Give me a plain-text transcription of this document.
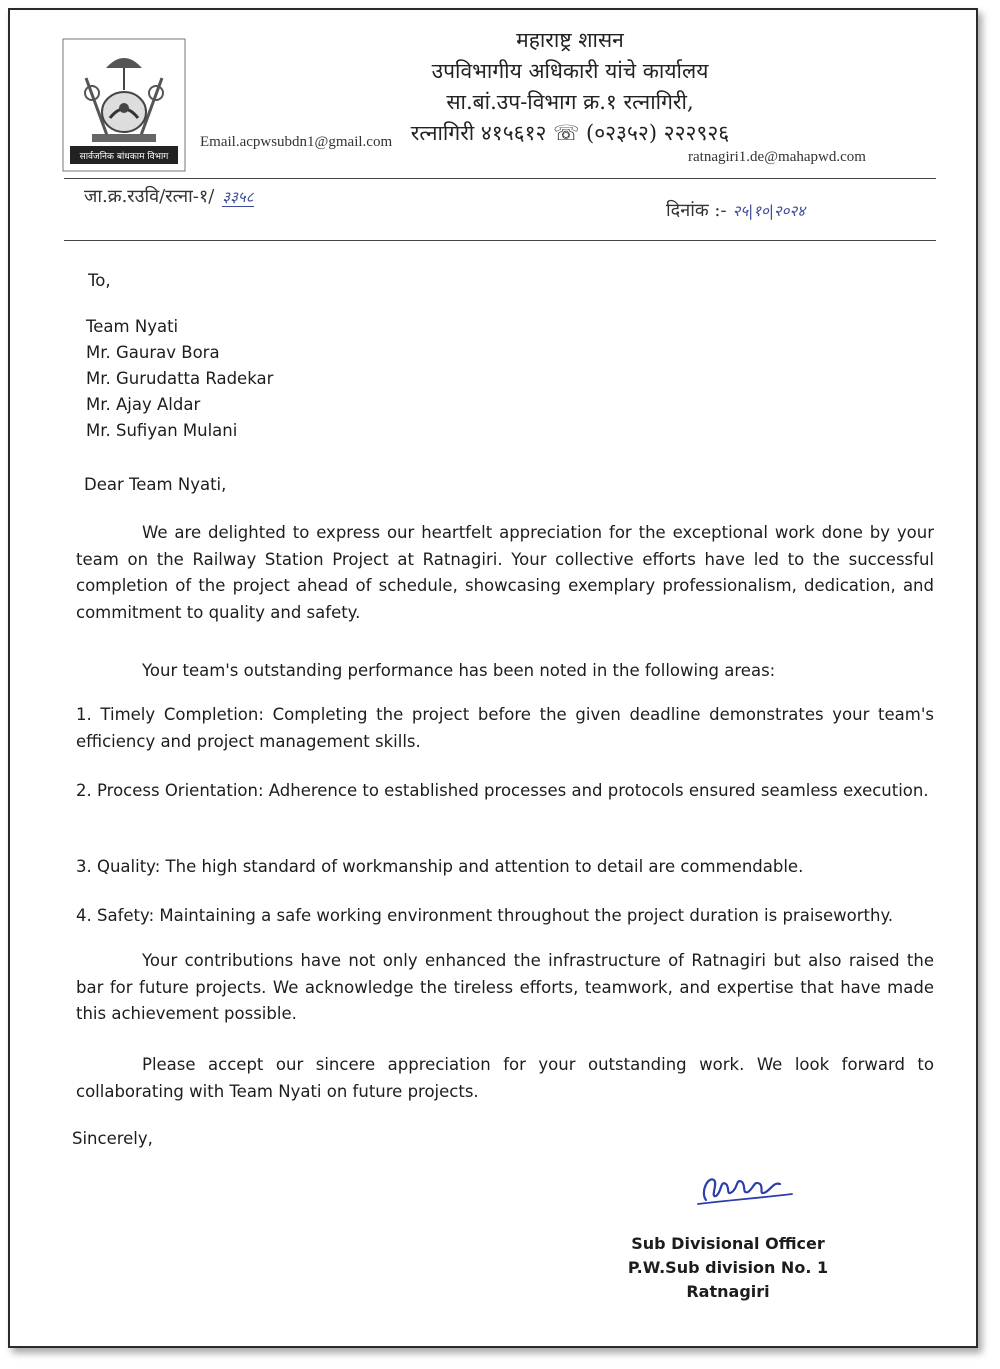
सार्वजनिक बांधकाम विभाग
महाराष्ट्र शासन
उपविभागीय अधिकारी यांचे कार्यालय
सा.बां.उप-विभाग क्र.१ रत्नागिरी,
रत्नागिरी ४१५६१२ ☏ (०२३५२) २२२९२६
Email.acpwsubdn1@gmail.com
ratnagiri1.de@mahapwd.com
जा.क्र.रउवि/रत्ना-१/ ३३५८
दिनांक :- २५|१०|२०२४
To,
Team Nyati
Mr. Gaurav Bora
Mr. Gurudatta Radekar
Mr. Ajay Aldar
Mr. Sufiyan Mulani
Dear Team Nyati,
We are delighted to express our heartfelt appreciation for the exceptional work done by your team on the Railway Station Project at Ratnagiri. Your collective efforts have led to the successful completion of the project ahead of schedule, showcasing exemplary professionalism, dedication, and commitment to quality and safety.
Your team's outstanding performance has been noted in the following areas:
1. Timely Completion: Completing the project before the given deadline demonstrates your team's efficiency and project management skills.
2. Process Orientation: Adherence to established processes and protocols ensured seamless execution.
3. Quality: The high standard of workmanship and attention to detail are commendable.
4. Safety: Maintaining a safe working environment throughout the project duration is praiseworthy.
Your contributions have not only enhanced the infrastructure of Ratnagiri but also raised the bar for future projects. We acknowledge the tireless efforts, teamwork, and expertise that have made this achievement possible.
Please accept our sincere appreciation for your outstanding work. We look forward to collaborating with Team Nyati on future projects.
Sincerely,
Sub Divisional Officer
P.W.Sub division No. 1
Ratnagiri
